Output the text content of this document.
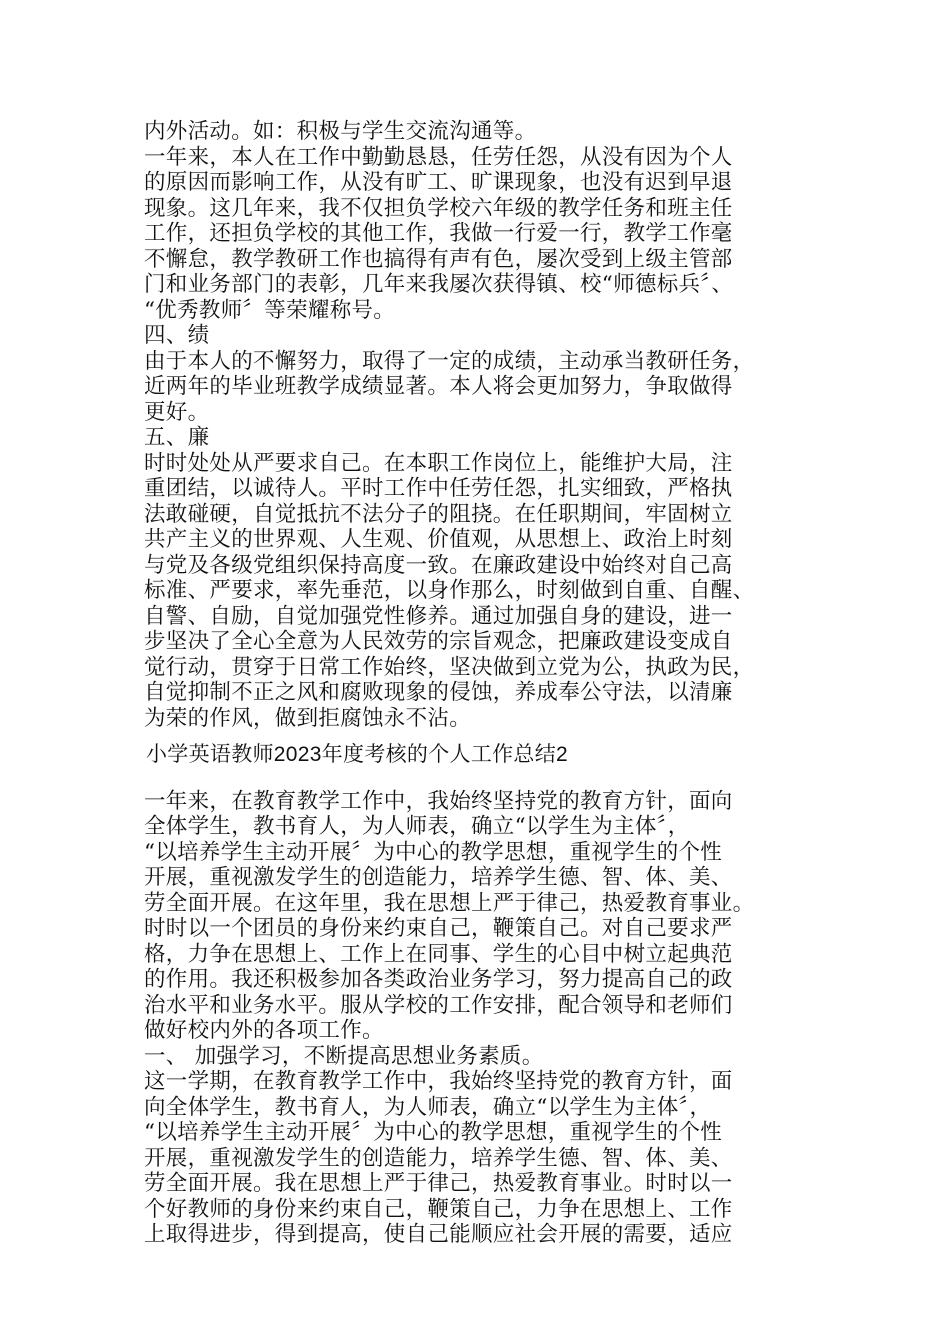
内外活动。如：积极与学生交流沟通等。
一年来，本人在工作中勤勤恳恳，任劳任怨，从没有因为个人
的原因而影响工作，从没有旷工、旷课现象，也没有迟到早退
现象。这几年来，我不仅担负学校六年级的教学任务和班主任
工作，还担负学校的其他工作，我做一行爱一行，教学工作毫
不懈怠，教学教研工作也搞得有声有色，屡次受到上级主管部
门和业务部门的表彰，几年来我屡次获得镇、校“师德标兵〞、
“优秀教师〞等荣耀称号。
四、绩
由于本人的不懈努力，取得了一定的成绩，主动承当教研任务，
近两年的毕业班教学成绩显著。本人将会更加努力，争取做得
更好。
五、廉
时时处处从严要求自己。在本职工作岗位上，能维护大局，注
重团结，以诚待人。平时工作中任劳任怨，扎实细致，严格执
法敢碰硬，自觉抵抗不法分子的阻挠。在任职期间，牢固树立
共产主义的世界观、人生观、价值观，从思想上、政治上时刻
与党及各级党组织保持高度一致。在廉政建设中始终对自己高
标准、严要求，率先垂范，以身作那么，时刻做到自重、自醒、
自警、自励，自觉加强党性修养。通过加强自身的建设，进一
步坚决了全心全意为人民效劳的宗旨观念，把廉政建设变成自
觉行动，贯穿于日常工作始终，坚决做到立党为公，执政为民，
自觉抑制不正之风和腐败现象的侵蚀，养成奉公守法，以清廉
为荣的作风，做到拒腐蚀永不沾。
小学英语教师2023年度考核的个人工作总结2
一年来，在教育教学工作中，我始终坚持党的教育方针，面向
全体学生，教书育人，为人师表，确立“以学生为主体〞，
“以培养学生主动开展〞为中心的教学思想，重视学生的个性
开展，重视激发学生的创造能力，培养学生德、智、体、美、
劳全面开展。在这年里，我在思想上严于律己，热爱教育事业。
时时以一个团员的身份来约束自己，鞭策自己。对自己要求严
格，力争在思想上、工作上在同事、学生的心目中树立起典范
的作用。我还积极参加各类政治业务学习，努力提高自己的政
治水平和业务水平。服从学校的工作安排，配合领导和老师们
做好校内外的各项工作。
一、 加强学习，不断提高思想业务素质。
这一学期，在教育教学工作中，我始终坚持党的教育方针，面
向全体学生，教书育人，为人师表，确立“以学生为主体〞，
“以培养学生主动开展〞为中心的教学思想，重视学生的个性
开展，重视激发学生的创造能力，培养学生德、智、体、美、
劳全面开展。我在思想上严于律己，热爱教育事业。时时以一
个好教师的身份来约束自己，鞭策自己，力争在思想上、工作
上取得进步，得到提高，使自己能顺应社会开展的需要，适应
